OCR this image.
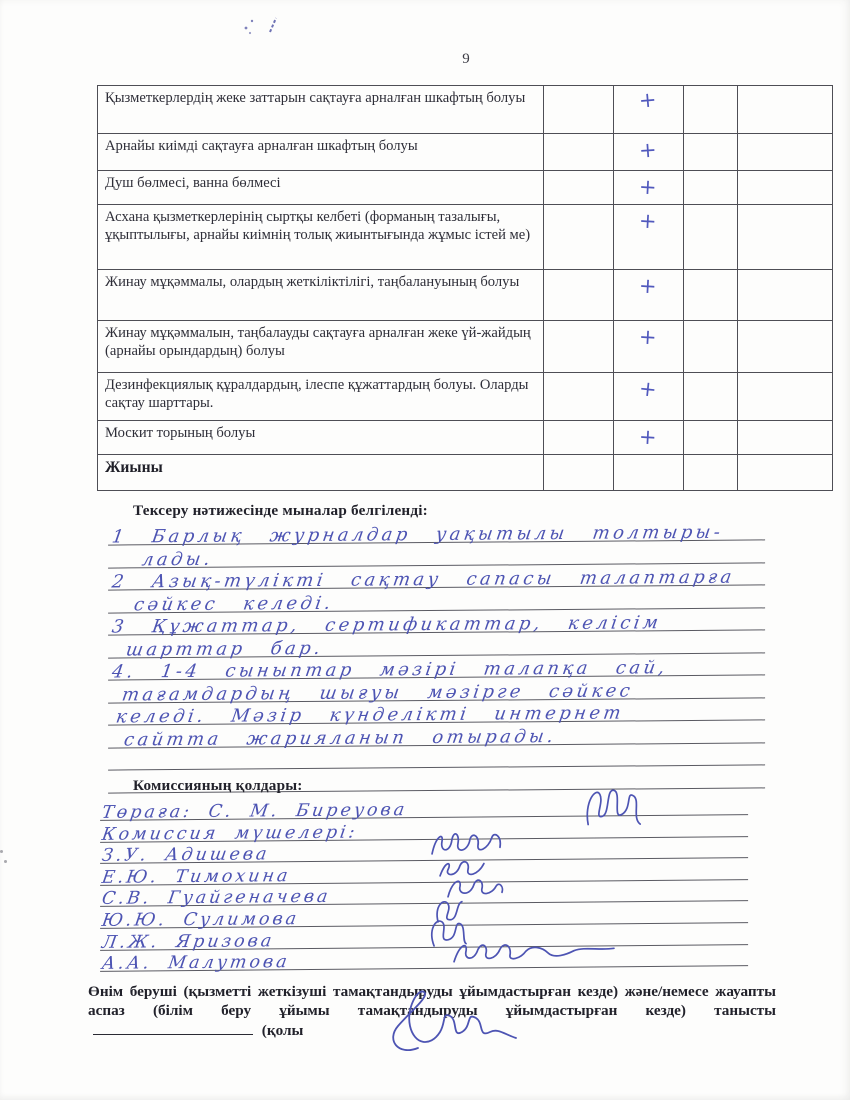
9
Қызметкерлердің жеке заттарын сақтауға арналған шкафтың болуы		+		
Арнайы киімді сақтауға арналған шкафтың болуы		+		
Душ бөлмесі, ванна бөлмесі		+		
Асхана қызметкерлерінің сыртқы келбеті (форманың тазалығы, ұқыптылығы, арнайы киімнің толық жиынтығында жұмыс істей ме)		+		
Жинау мұқәммалы, олардың жеткіліктілігі, таңбалануының болуы		+		
Жинау мұқәммалын, таңбалауды сақтауға арналған жеке үй-жайдың (арнайы орындардың) болуы		+		
Дезинфекциялық құралдардың, ілеспе құжаттардың болуы. Оларды сақтау шарттары.		+		
Москит торының болуы		+		
Жиыны				
Тексеру нәтижесінде мыналар белгіленді:
1 Барлық журналдар уақытылы толтыры-
лады.
2 Азық-түлікті сақтау сапасы талаптарға
сәйкес келеді.
3 Құжаттар, сертификаттар, келісім
шарттар бар.
4. 1-4 сыныптар мәзірі талапқа сай,
тағамдардың шығуы мәзірге сәйкес
келеді. Мәзір күнделікті интернет
сайтта жарияланып отырады.
Комиссияның қолдары:
Төраға: С. М. Биреуова
Комиссия мүшелері:
З.У. Адишева
Е.Ю. Тимохина
С.В. Гуайгеначева
Ю.Ю. Сулимова
Л.Ж. Яризова
А.А. Малутова
Өнім беруші (қызметті жеткізуші тамақтандыруды ұйымдастырған кезде) және/немесе жауапты аспаз (білім беру ұйымы тамақтандыруды ұйымдастырған кезде) танысты  (қолы
